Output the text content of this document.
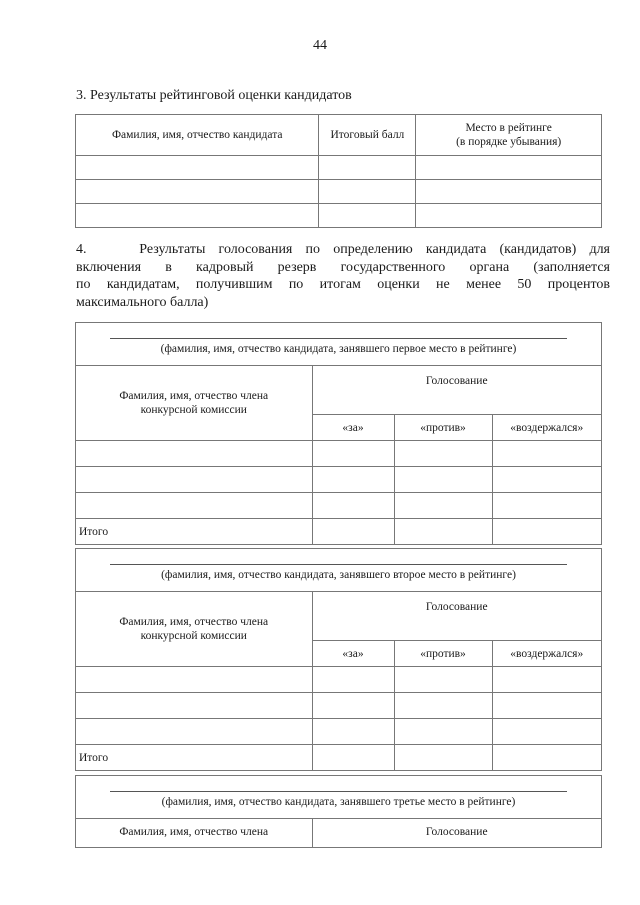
44
3. Результаты рейтинговой оценки кандидатов
Фамилия, имя, отчество кандидата	Итоговый балл	Место в рейтинге
(в порядке убывания)

4.    Результаты голосования по определению кандидата (кандидатов) для
включения в кадровый резерв государственного органа (заполняется
по кандидатам, получившим по итогам оценки не менее 50 процентов
максимального балла)
(фамилия, имя, отчество кандидата, занявшего первое место в рейтинге)
Фамилия, имя, отчество члена
конкурсной комиссии	Голосование		
	«за»	«против»	«воздержался»

Итого			
(фамилия, имя, отчество кандидата, занявшего второе место в рейтинге)
Фамилия, имя, отчество члена
конкурсной комиссии	Голосование		
	«за»	«против»	«воздержался»

Итого			
(фамилия, имя, отчество кандидата, занявшего третье место в рейтинге)
Фамилия, имя, отчество члена	Голосование
